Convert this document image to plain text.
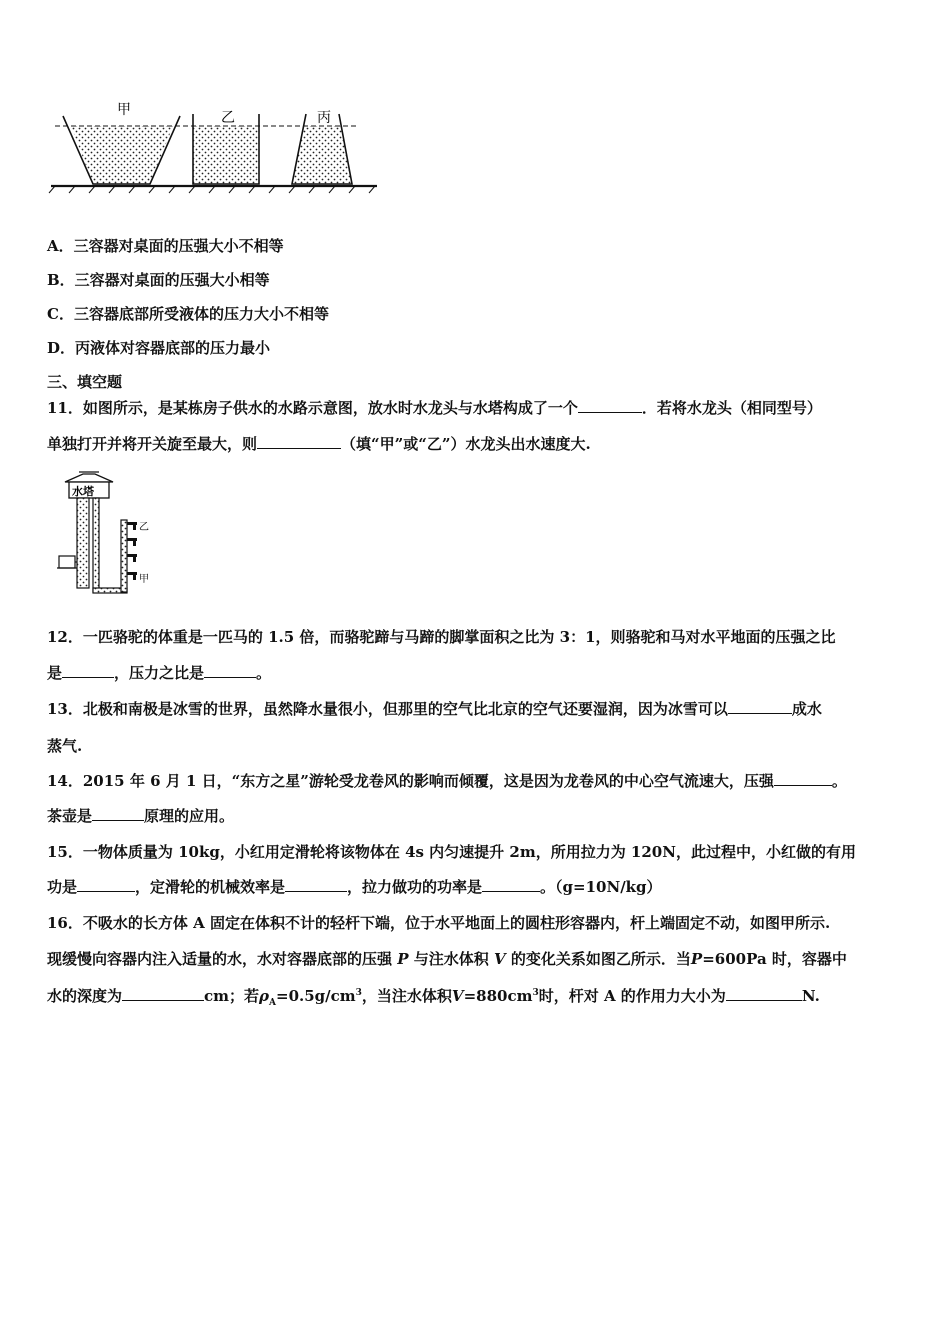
甲	乙	丙
A．三容器对桌面的压强大小不相等
B．三容器对桌面的压强大小相等
C．三容器底部所受液体的压力大小不相等
D．丙液体对容器底部的压力最小
三、填空题
11．如图所示，是某栋房子供水的水路示意图，放水时水龙头与水塔构成了一个	．若将水龙头（相同型号）
单独打开并将开关旋至最大，则	（填“甲”或“乙”）水龙头出水速度大.
水塔
乙
甲
12．一匹骆驼的体重是一匹马的 1.5 倍，而骆驼蹄与马蹄的脚掌面积之比为 3：1，则骆驼和马对水平地面的压强之比
是	，压力之比是	。
13．北极和南极是冰雪的世界，虽然降水量很小，但那里的空气比北京的空气还要湿润，因为冰雪可以	成水
蒸气.
14．2015 年 6 月 1 日，“东方之星”游轮受龙卷风的影响而倾覆，这是因为龙卷风的中心空气流速大，压强	。
茶壶是	原理的应用。
15．一物体质量为 10kg，小红用定滑轮将该物体在 4s 内匀速提升 2m，所用拉力为 120N，此过程中，小红做的有用
功是	，定滑轮的机械效率是	，拉力做功的功率是	。（g=10N/kg）
16．不吸水的长方体 A 固定在体积不计的轻杆下端，位于水平地面上的圆柱形容器内，杆上端固定不动，如图甲所示.
现缓慢向容器内注入适量的水，水对容器底部的压强 P 与注水体积 V 的变化关系如图乙所示．当P=600Pa 时，容器中
水的深度为	cm；若$\rho_A=0.5g/cm^3$，当注水体积$V=880cm^3$时，杆对 A 的作用力大小为	N.
